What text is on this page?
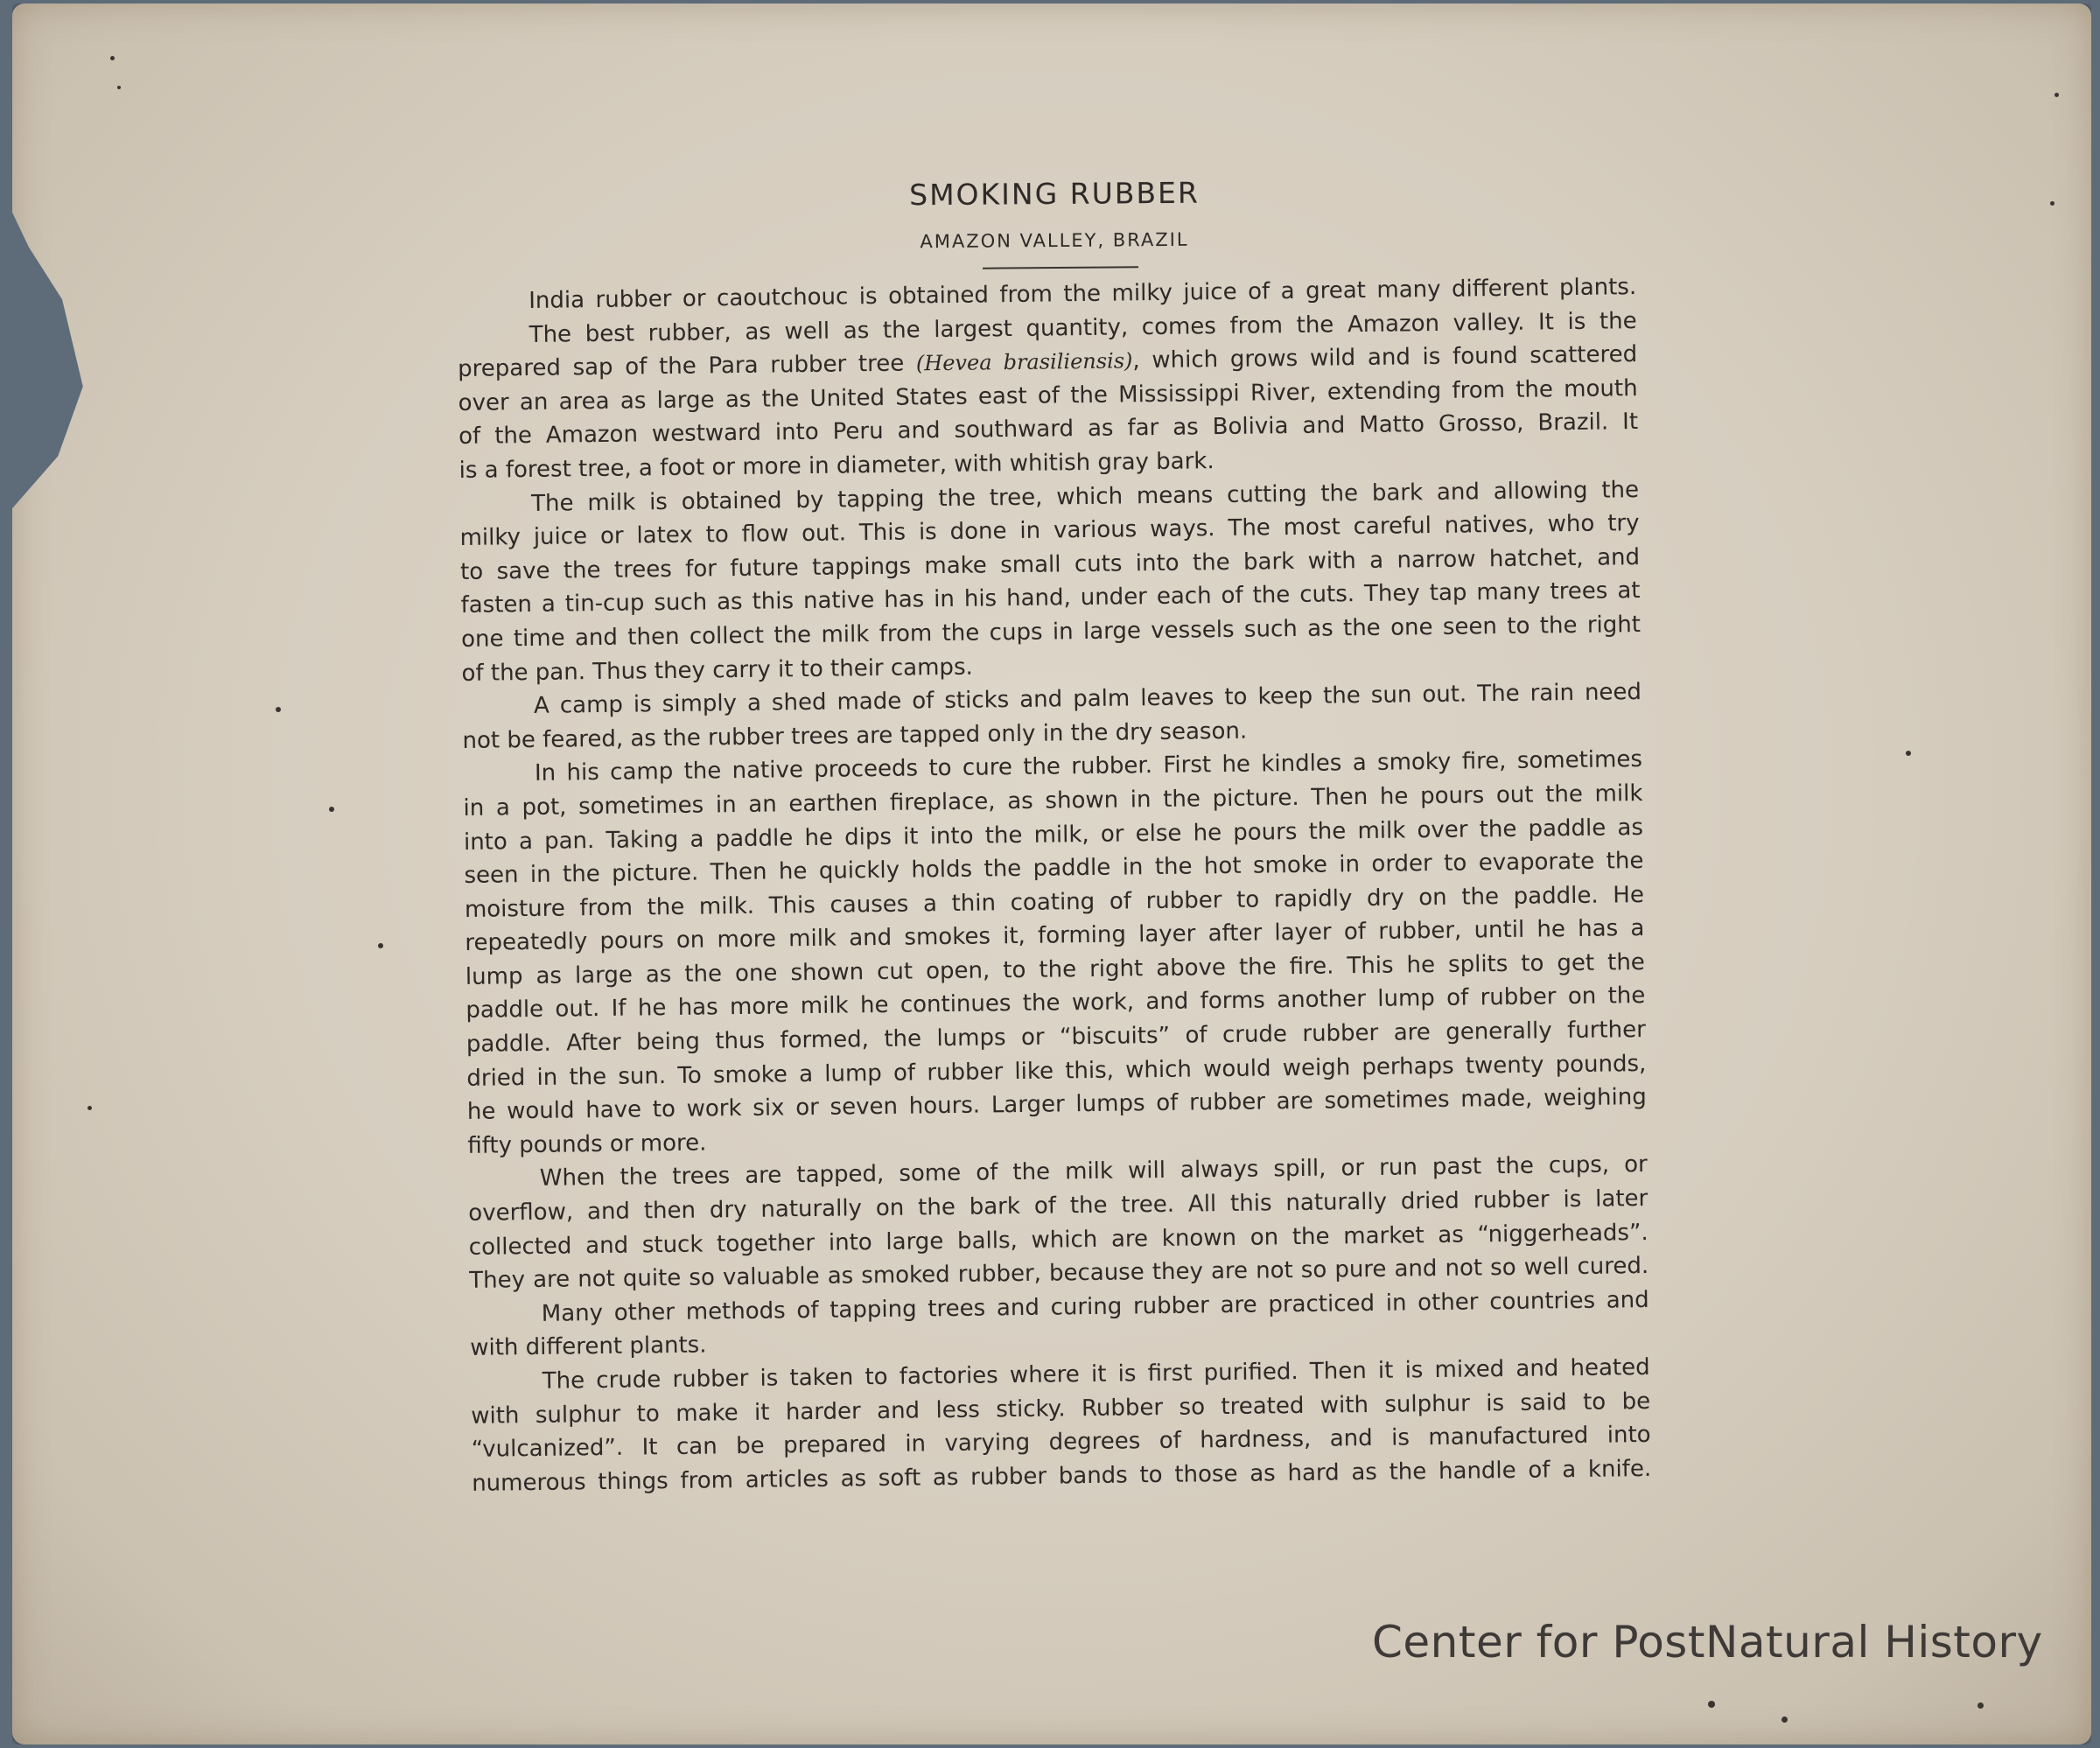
SMOKING RUBBER
AMAZON VALLEY, BRAZIL
India rubber or caoutchouc is obtained from the milky juice of a great many different plants.
The best rubber, as well as the largest quantity, comes from the Amazon valley. It is the
prepared sap of the Para rubber tree (Hevea brasiliensis), which grows wild and is found scattered
over an area as large as the United States east of the Mississippi River, extending from the mouth
of the Amazon westward into Peru and southward as far as Bolivia and Matto Grosso, Brazil. It
is a forest tree, a foot or more in diameter, with whitish gray bark.
The milk is obtained by tapping the tree, which means cutting the bark and allowing the
milky juice or latex to flow out. This is done in various ways. The most careful natives, who try
to save the trees for future tappings make small cuts into the bark with a narrow hatchet, and
fasten a tin-cup such as this native has in his hand, under each of the cuts. They tap many trees at
one time and then collect the milk from the cups in large vessels such as the one seen to the right
of the pan. Thus they carry it to their camps.
A camp is simply a shed made of sticks and palm leaves to keep the sun out. The rain need
not be feared, as the rubber trees are tapped only in the dry season.
In his camp the native proceeds to cure the rubber. First he kindles a smoky fire, sometimes
in a pot, sometimes in an earthen fireplace, as shown in the picture. Then he pours out the milk
into a pan. Taking a paddle he dips it into the milk, or else he pours the milk over the paddle as
seen in the picture. Then he quickly holds the paddle in the hot smoke in order to evaporate the
moisture from the milk. This causes a thin coating of rubber to rapidly dry on the paddle. He
repeatedly pours on more milk and smokes it, forming layer after layer of rubber, until he has a
lump as large as the one shown cut open, to the right above the fire. This he splits to get the
paddle out. If he has more milk he continues the work, and forms another lump of rubber on the
paddle. After being thus formed, the lumps or “biscuits” of crude rubber are generally further
dried in the sun. To smoke a lump of rubber like this, which would weigh perhaps twenty pounds,
he would have to work six or seven hours. Larger lumps of rubber are sometimes made, weighing
fifty pounds or more.
When the trees are tapped, some of the milk will always spill, or run past the cups, or
overflow, and then dry naturally on the bark of the tree. All this naturally dried rubber is later
collected and stuck together into large balls, which are known on the market as “niggerheads”.
They are not quite so valuable as smoked rubber, because they are not so pure and not so well cured.
Many other methods of tapping trees and curing rubber are practiced in other countries and
with different plants.
The crude rubber is taken to factories where it is first purified. Then it is mixed and heated
with sulphur to make it harder and less sticky. Rubber so treated with sulphur is said to be
“vulcanized”. It can be prepared in varying degrees of hardness, and is manufactured into
numerous things from articles as soft as rubber bands to those as hard as the handle of a knife.
Center for PostNatural History
